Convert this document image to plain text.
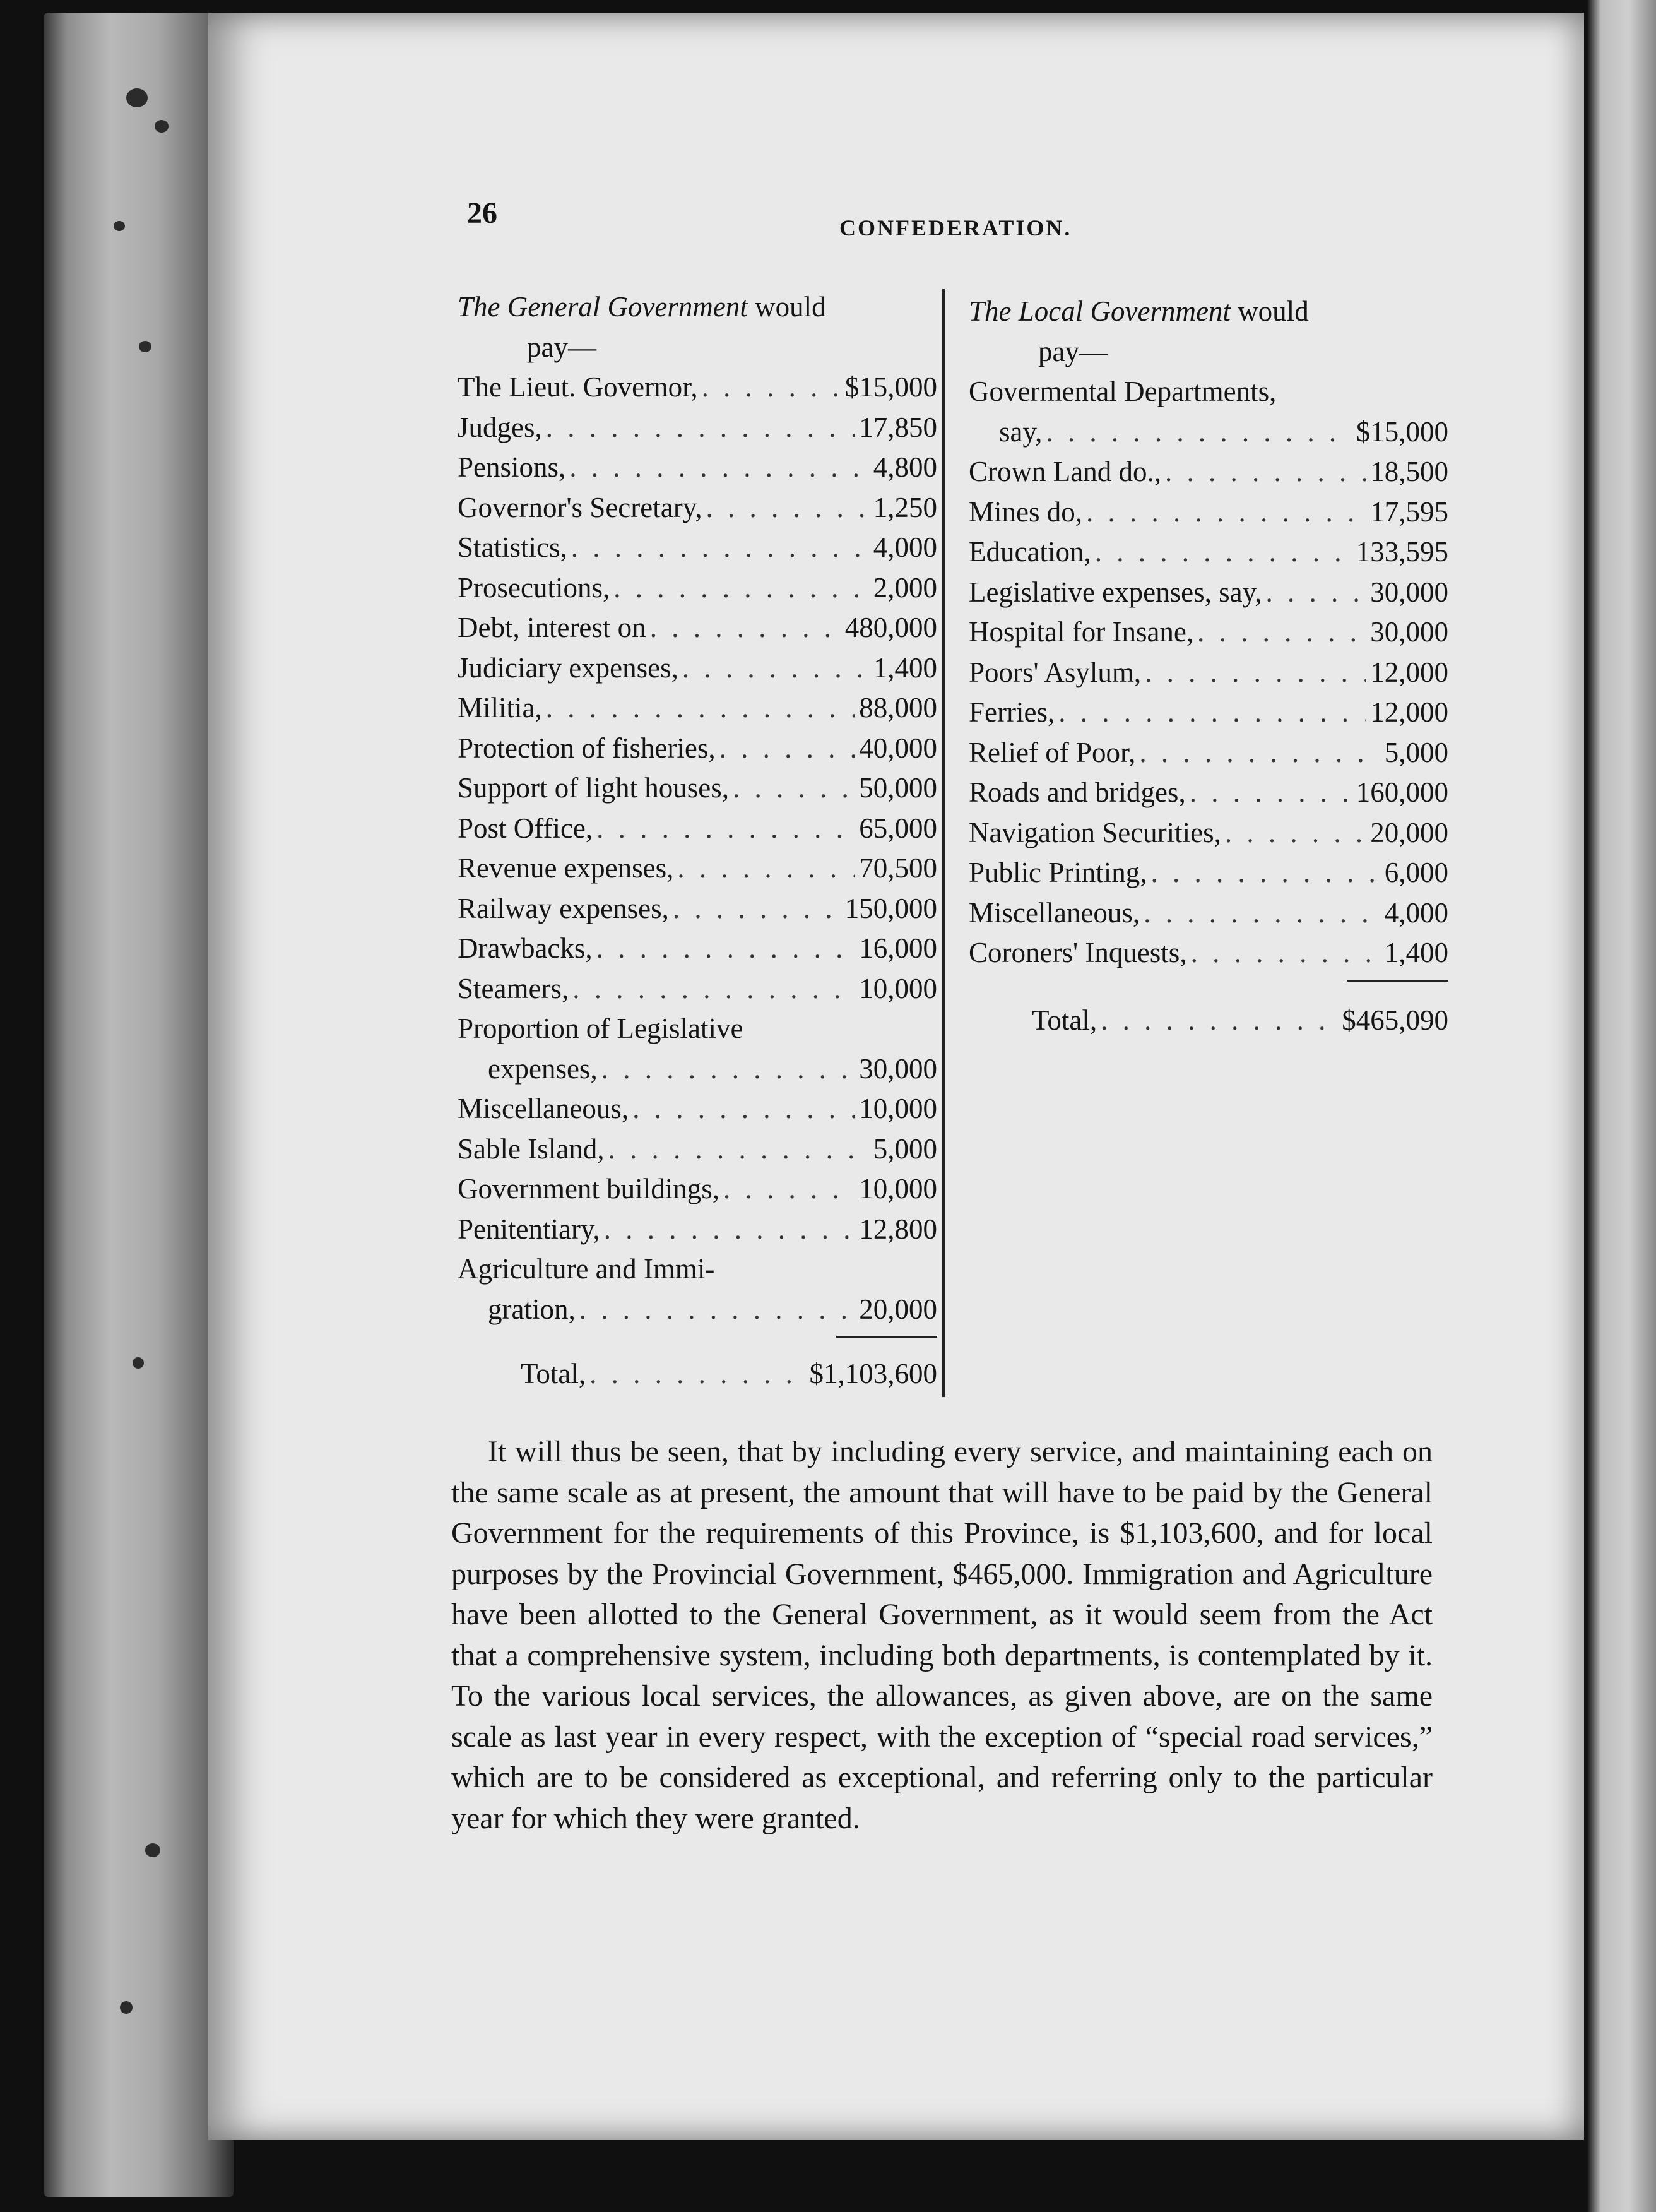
26	CONFEDERATION.
The General Government would
pay—
The Lieut. Governor, . . .	$15,000
Judges, . . .	17,850
Pensions, . . .	4,800
Governor's Secretary, . . .	1,250
Statistics, . . .	4,000
Prosecutions, . . .	2,000
Debt, interest on . . .	480,000
Judiciary expenses, . . .	1,400
Militia, . . .	88,000
Protection of fisheries, . . .	40,000
Support of light houses, . . .	50,000
Post Office, . . .	65,000
Revenue expenses, . . .	70,500
Railway expenses, . . .	150,000
Drawbacks, . . .	16,000
Steamers, . . .	10,000
Proportion of Legislative
expenses, . . .	30,000
Miscellaneous, . . .	10,000
Sable Island, . . .	5,000
Government buildings, . . .	10,000
Penitentiary, . . .	12,800
Agriculture and Immi-
gration, . . .	20,000
Total, . . .	$1,103,600
The Local Government would
pay—
Govermental Departments,
say, . . .	$15,000
Crown Land do., . . .	18,500
Mines do, . . .	17,595
Education, . . .	133,595
Legislative expenses, say, . . .	30,000
Hospital for Insane, . . .	30,000
Poors' Asylum, . . .	12,000
Ferries, . . .	12,000
Relief of Poor, . . .	5,000
Roads and bridges, . . .	160,000
Navigation Securities, . . .	20,000
Public Printing, . . .	6,000
Miscellaneous, . . .	4,000
Coroners' Inquests, . . .	1,400
Total, . . .	$465,090

It will thus be seen, that by including every service, and maintaining each on the same scale as at present, the amount that will have to be paid by the General Government for the requirements of this Province, is $1,103,600, and for local purposes by the Provincial Government, $465,000. Immigration and Agriculture have been allotted to the General Government, as it would seem from the Act that a comprehensive system, including both departments, is contemplated by it. To the various local services, the allowances, as given above, are on the same scale as last year in every respect, with the exception of “special road services,” which are to be considered as exceptional, and referring only to the particular year for which they were granted.
